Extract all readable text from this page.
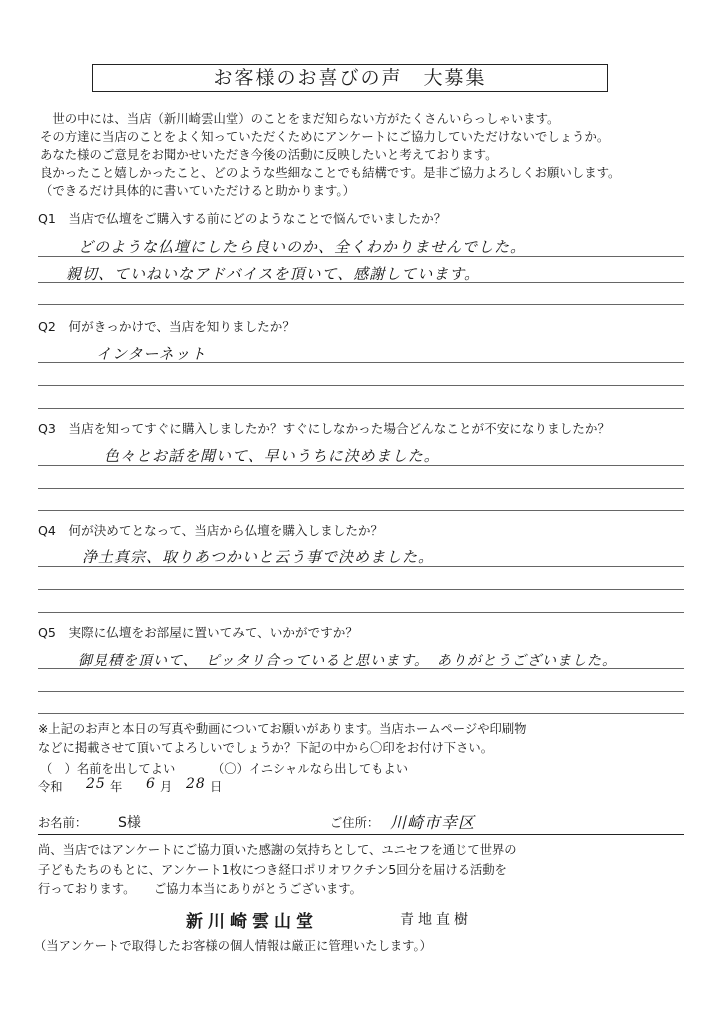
お客様のお喜びの声　大募集
　世の中には、当店（新川崎雲山堂）のことをまだ知らない方がたくさんいらっしゃいます。
その方達に当店のことをよく知っていただくためにアンケートにご協力していただけないでしょうか。
あなた様のご意見をお聞かせいただき今後の活動に反映したいと考えております。
良かったこと嬉しかったこと、どのような些細なことでも結構です。是非ご協力よろしくお願いします。
（できるだけ具体的に書いていただけると助かります。）
Q1　当店で仏壇をご購入する前にどのようなことで悩んでいましたか？
どのような仏壇にしたら良いのか、全くわかりませんでした。
親切、ていねいなアドバイスを頂いて、感謝しています。
Q2　何がきっかけで、当店を知りましたか？
インターネット
Q3　当店を知ってすぐに購入しましたか？すぐにしなかった場合どんなことが不安になりましたか？
色々とお話を聞いて、早いうちに決めました。
Q4　何が決めてとなって、当店から仏壇を購入しましたか？
浄土真宗、取りあつかいと云う事で決めました。
Q5　実際に仏壇をお部屋に置いてみて、いかがですか？
御見積を頂いて、　ピッタリ合っていると思います。　ありがとうございました。
※上記のお声と本日の写真や動画についてお願いがあります。当店ホームページや印刷物
などに掲載させて頂いてよろしいでしょうか？下記の中から〇印をお付け下さい。
（　）名前を出してよい	（〇）イニシャルなら出してもよい
令和 25 年 6 月 28 日
お名前： S様	ご住所： 川崎市幸区
尚、当店ではアンケートにご協力頂いた感謝の気持ちとして、ユニセフを通じて世界の
子どもたちのもとに、アンケート1枚につき経口ポリオワクチン5回分を届ける活動を
行っております。　　ご協力本当にありがとうございます。
新川崎雲山堂	青地直樹
（当アンケートで取得したお客様の個人情報は厳正に管理いたします。）
